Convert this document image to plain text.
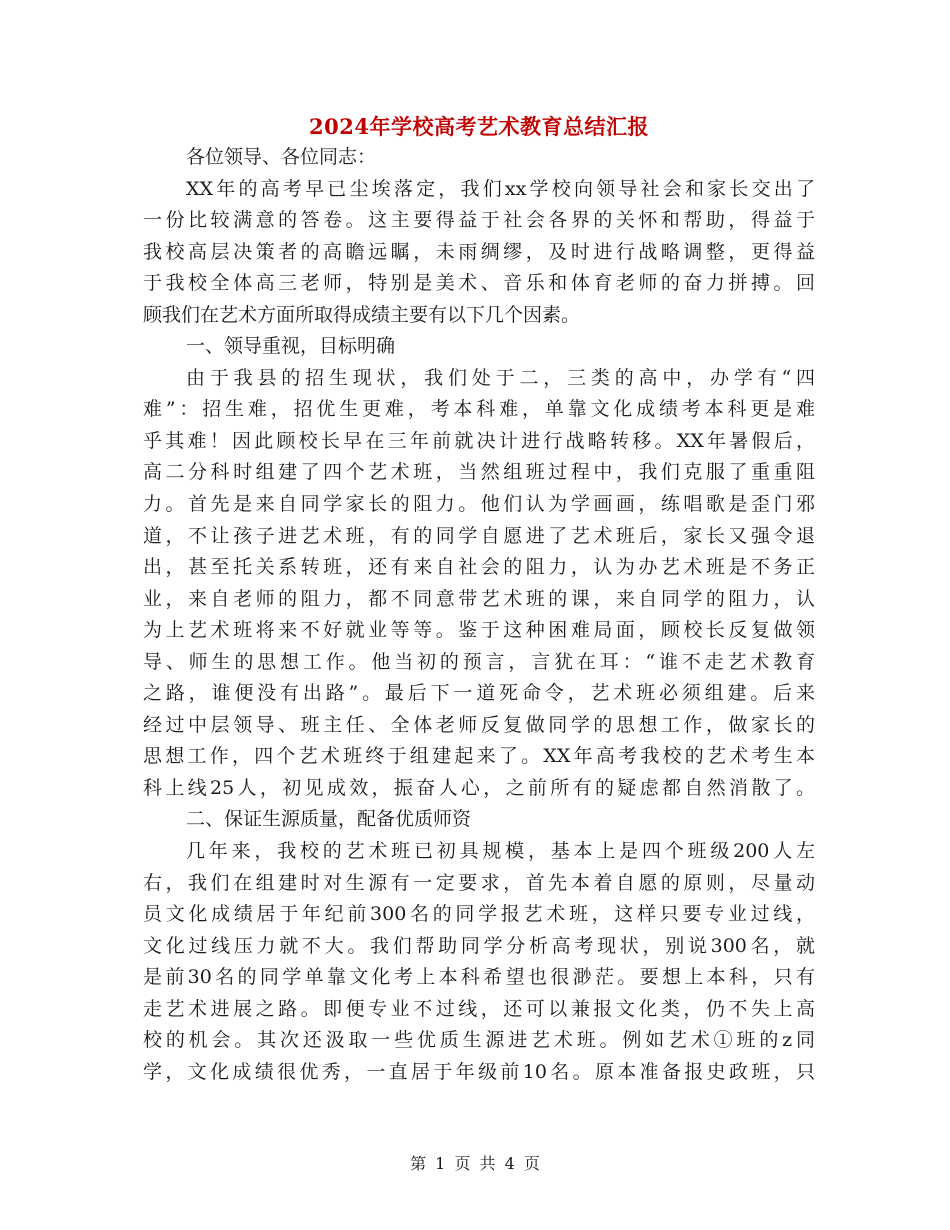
2024年学校高考艺术教育总结汇报

各位领导、各位同志：

XX年的高考早已尘埃落定，我们xx学校向领导社会和家长交出了

一份比较满意的答卷。这主要得益于社会各界的关怀和帮助，得益于

我校高层决策者的高瞻远瞩，未雨绸缪，及时进行战略调整，更得益

于我校全体高三老师，特别是美术、音乐和体育老师的奋力拼搏。回

顾我们在艺术方面所取得成绩主要有以下几个因素。

一、领导重视，目标明确

由于我县的招生现状，我们处于二，三类的高中，办学有“四

难”：招生难，招优生更难，考本科难，单靠文化成绩考本科更是难

乎其难！因此顾校长早在三年前就决计进行战略转移。XX年暑假后，

高二分科时组建了四个艺术班，当然组班过程中，我们克服了重重阻

力。首先是来自同学家长的阻力。他们认为学画画，练唱歌是歪门邪

道，不让孩子进艺术班，有的同学自愿进了艺术班后，家长又强令退

出，甚至托关系转班，还有来自社会的阻力，认为办艺术班是不务正

业，来自老师的阻力，都不同意带艺术班的课，来自同学的阻力，认

为上艺术班将来不好就业等等。鉴于这种困难局面，顾校长反复做领

导、师生的思想工作。他当初的预言，言犹在耳：“谁不走艺术教育

之路，谁便没有出路”。最后下一道死命令，艺术班必须组建。后来

经过中层领导、班主任、全体老师反复做同学的思想工作，做家长的

思想工作，四个艺术班终于组建起来了。XX年高考我校的艺术考生本

科上线25人，初见成效，振奋人心，之前所有的疑虑都自然消散了。

二、保证生源质量，配备优质师资

几年来，我校的艺术班已初具规模，基本上是四个班级200人左

右，我们在组建时对生源有一定要求，首先本着自愿的原则，尽量动

员文化成绩居于年纪前300名的同学报艺术班，这样只要专业过线，

文化过线压力就不大。我们帮助同学分析高考现状，别说300名，就

是前30名的同学单靠文化考上本科希望也很渺茫。要想上本科，只有

走艺术进展之路。即便专业不过线，还可以兼报文化类，仍不失上高

校的机会。其次还汲取一些优质生源进艺术班。例如艺术①班的z同

学，文化成绩很优秀，一直居于年级前10名。原本准备报史政班，只

第 1 页 共 4 页
